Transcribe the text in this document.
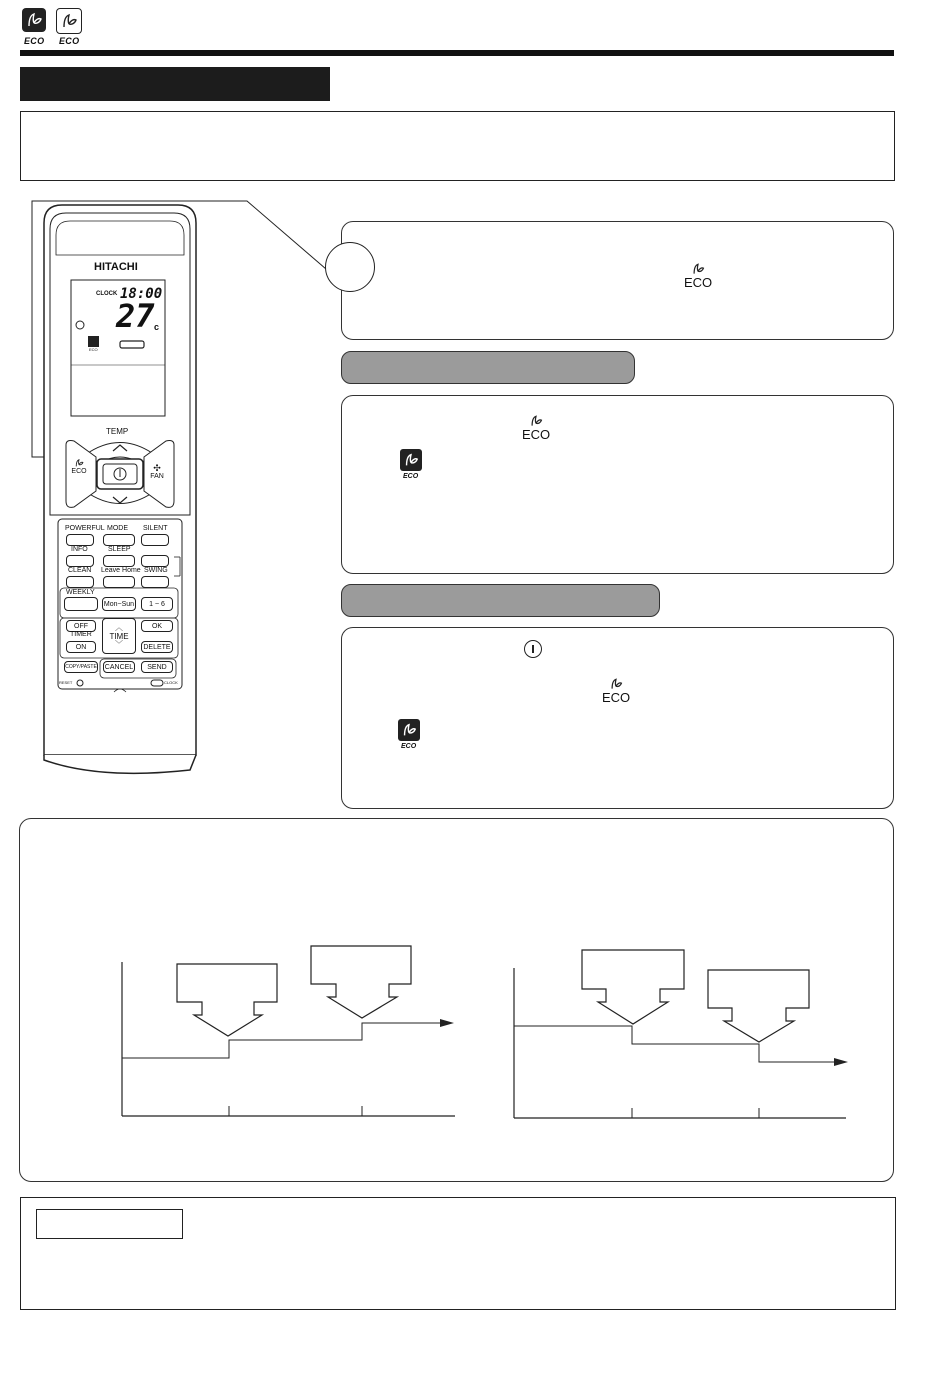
ECO ECO
HITACHI
CLOCK 18:00
27 c
ECO
TEMP
ECO	✣
FAN
POWERFUL MODE SILENT
INFO	SLEEP
CLEAN Leave Home SWING
WEEKLY
Mon~Sun 1 ~ 6
OFF
TIMER
ON
︿
TIME
﹀
OK
DELETE
COPY/PASTE CANCEL SEND
RESET	CLOCK
ECO
ECO
ECO
ECO
ECO
